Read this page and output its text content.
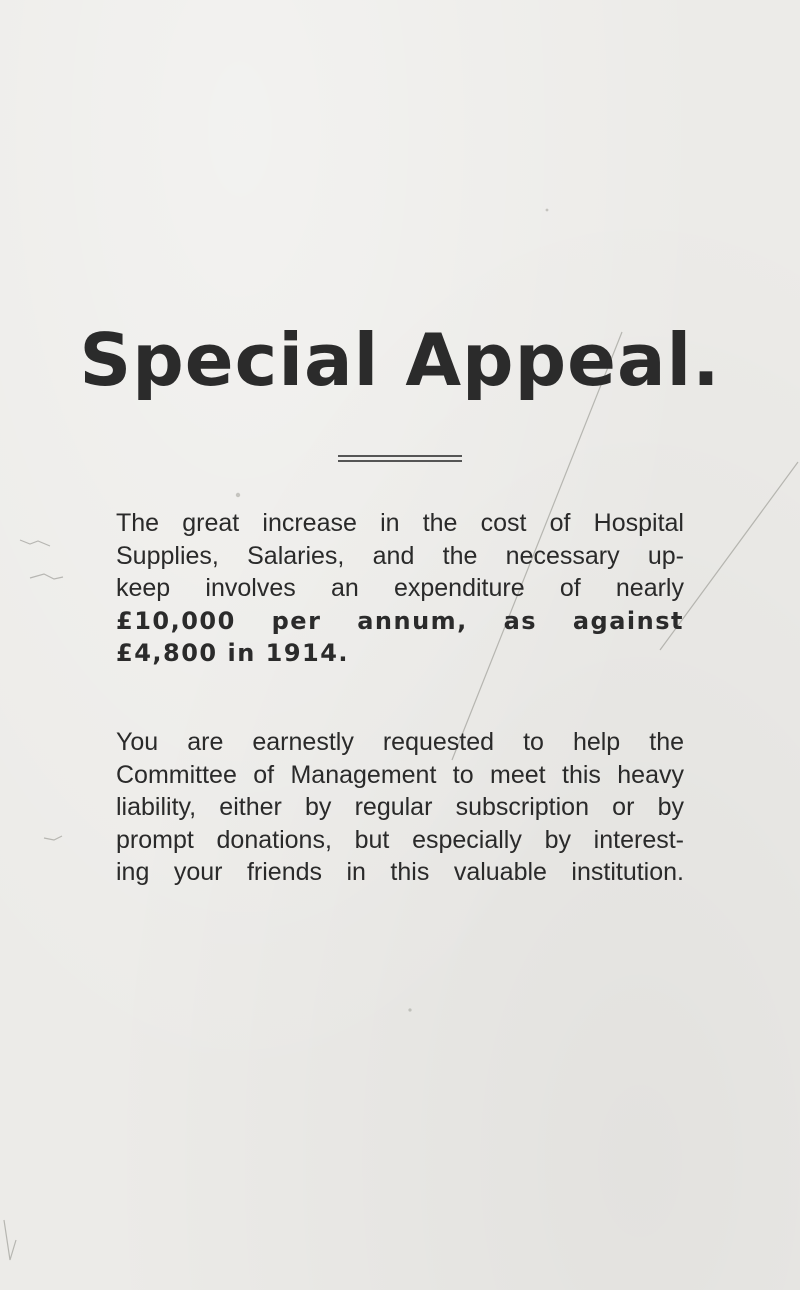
Special Appeal.
The great increase in the cost of Hospital
Supplies, Salaries, and the necessary up-
keep involves an expenditure of nearly
£10,000 per annum, as against
£4,800 in 1914.
You are earnestly requested to help the
Committee of Management to meet this heavy
liability, either by regular subscription or by
prompt donations, but especially by interest-
ing your friends in this valuable institution.
